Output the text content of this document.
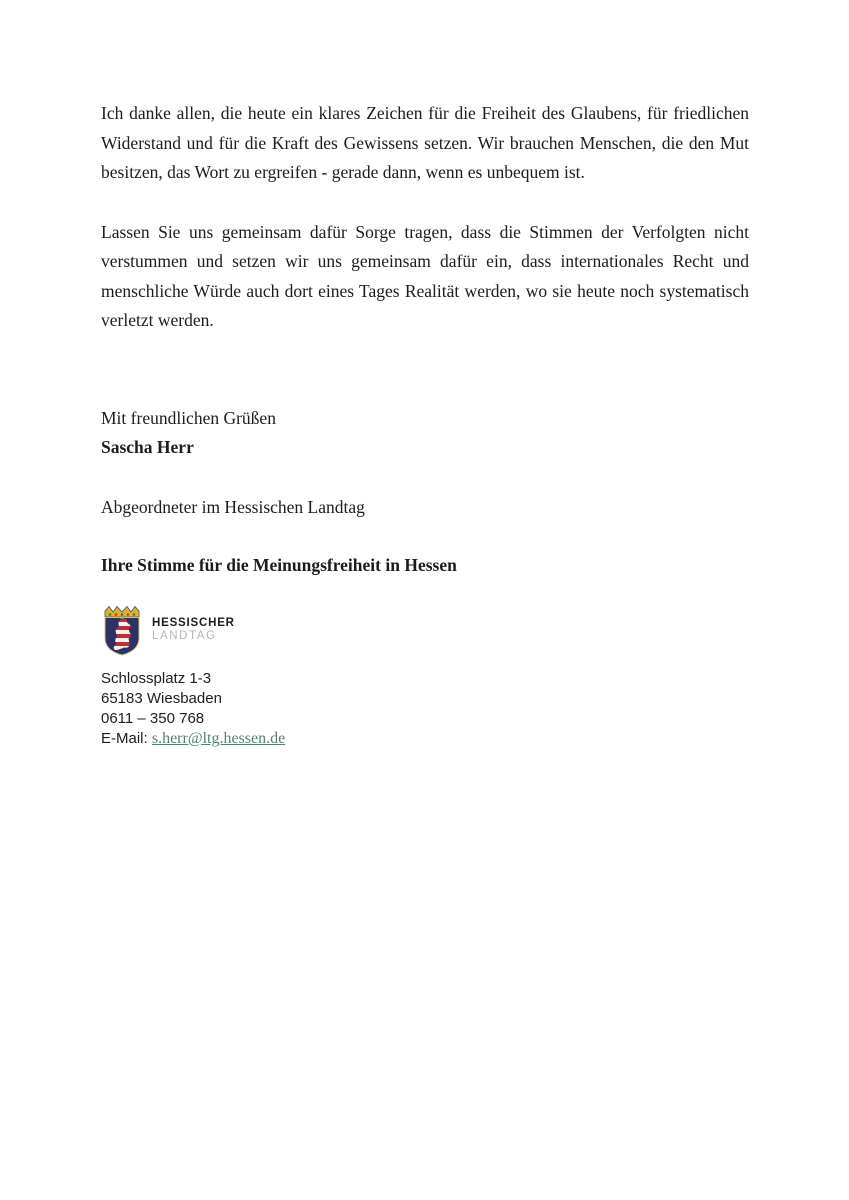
Ich danke allen, die heute ein klares Zeichen für die Freiheit des Glaubens, für friedlichen Widerstand und für die Kraft des Gewissens setzen. Wir brauchen Menschen, die den Mut besitzen, das Wort zu ergreifen - gerade dann, wenn es unbequem ist.

Lassen Sie uns gemeinsam dafür Sorge tragen, dass die Stimmen der Verfolgten nicht verstummen und setzen wir uns gemeinsam dafür ein, dass internationales Recht und menschliche Würde auch dort eines Tages Realität werden, wo sie heute noch systematisch verletzt werden.

Mit freundlichen Grüßen

Sascha Herr

Abgeordneter im Hessischen Landtag

Ihre Stimme für die Meinungsfreiheit in Hessen

HESSISCHER
LANDTAG

Schlossplatz 1-3

65183 Wiesbaden

0611 – 350 768

E-Mail: s.herr@ltg.hessen.de
